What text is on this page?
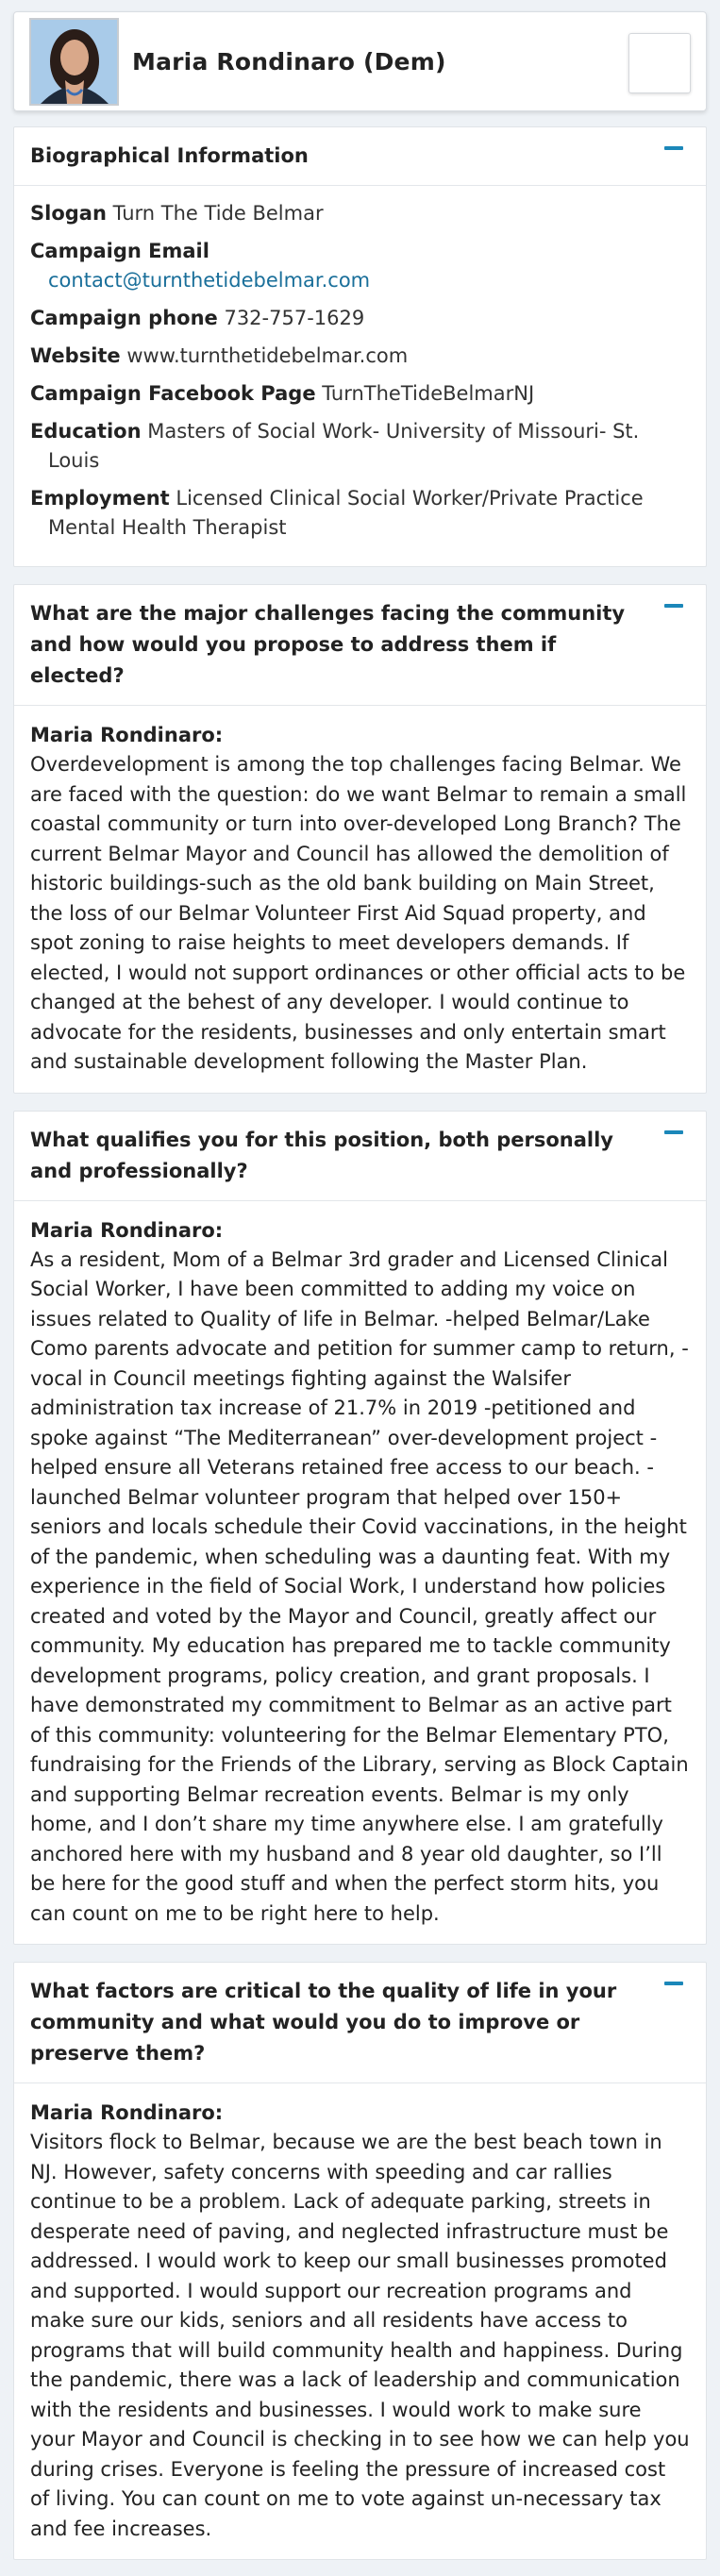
Maria Rondinaro (Dem)
Biographical Information
Slogan Turn The Tide Belmar
Campaign Email
contact@turnthetidebelmar.com
Campaign phone 732-757-1629
Website www.turnthetidebelmar.com
Campaign Facebook Page TurnTheTideBelmarNJ
Education Masters of Social Work- University of Missouri- St. Louis
Employment Licensed Clinical Social Worker/Private Practice Mental Health Therapist
What are the major challenges facing the community and how would you propose to address them if elected?
Maria Rondinaro:
Overdevelopment is among the top challenges facing Belmar. We are faced with the question: do we want Belmar to remain a small coastal community or turn into over-developed Long Branch? The current Belmar Mayor and Council has allowed the demolition of historic buildings-such as the old bank building on Main Street, the loss of our Belmar Volunteer First Aid Squad property, and spot zoning to raise heights to meet developers demands. If elected, I would not support ordinances or other official acts to be changed at the behest of any developer. I would continue to advocate for the residents, businesses and only entertain smart and sustainable development following the Master Plan.
What qualifies you for this position, both personally and professionally?
Maria Rondinaro:
As a resident, Mom of a Belmar 3rd grader and Licensed Clinical Social Worker, I have been committed to adding my voice on issues related to Quality of life in Belmar. -helped Belmar/Lake Como parents advocate and petition for summer camp to return, - vocal in Council meetings fighting against the Walsifer administration tax increase of 21.7% in 2019 -petitioned and spoke against “The Mediterranean” over-development project -helped ensure all Veterans retained free access to our beach. -launched Belmar volunteer program that helped over 150+ seniors and locals schedule their Covid vaccinations, in the height of the pandemic, when scheduling was a daunting feat. With my experience in the field of Social Work, I understand how policies created and voted by the Mayor and Council, greatly affect our community. My education has prepared me to tackle community development programs, policy creation, and grant proposals. I have demonstrated my commitment to Belmar as an active part of this community: volunteering for the Belmar Elementary PTO, fundraising for the Friends of the Library, serving as Block Captain and supporting Belmar recreation events. Belmar is my only home, and I don’t share my time anywhere else. I am gratefully anchored here with my husband and 8 year old daughter, so I’ll be here for the good stuff and when the perfect storm hits, you can count on me to be right here to help.
What factors are critical to the quality of life in your community and what would you do to improve or preserve them?
Maria Rondinaro:
Visitors flock to Belmar, because we are the best beach town in NJ. However, safety concerns with speeding and car rallies continue to be a problem. Lack of adequate parking, streets in desperate need of paving, and neglected infrastructure must be addressed. I would work to keep our small businesses promoted and supported. I would support our recreation programs and make sure our kids, seniors and all residents have access to programs that will build community health and happiness. During the pandemic, there was a lack of leadership and communication with the residents and businesses. I would work to make sure your Mayor and Council is checking in to see how we can help you during crises. Everyone is feeling the pressure of increased cost of living. You can count on me to vote against un-necessary tax and fee increases.
